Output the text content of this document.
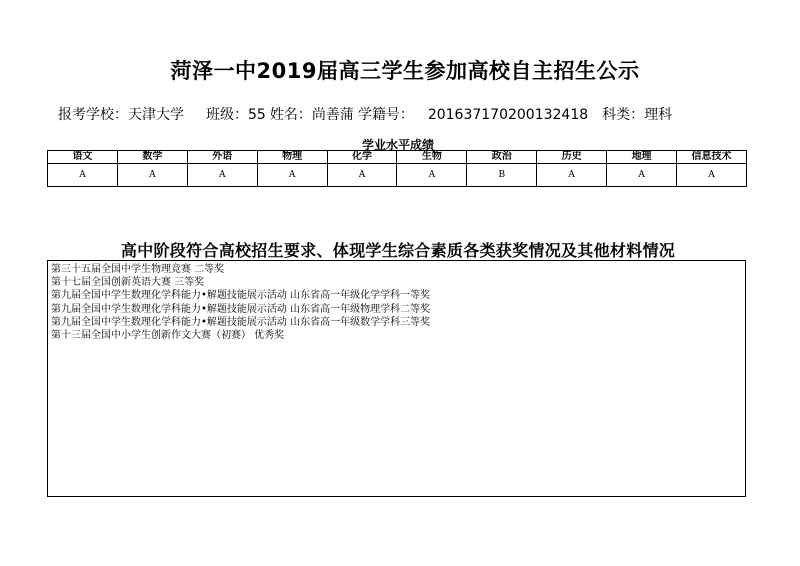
菏泽一中2019届高三学生参加高校自主招生公示
报考学校：天津大学 班级：55 姓名：尚善蒲 学籍号： 201637170200132418 科类：理科
学业水平成绩
语文	数学	外语	物理	化学	生物	政治	历史	地理	信息技术
A	A	A	A	A	A	B	A	A	A
高中阶段符合高校招生要求、体现学生综合素质各类获奖情况及其他材料情况
第三十五届全国中学生物理竞赛 二等奖
第十七届全国创新英语大赛 三等奖
第九届全国中学生数理化学科能力•解题技能展示活动 山东省高一年级化学学科一等奖
第九届全国中学生数理化学科能力•解题技能展示活动 山东省高一年级物理学科二等奖
第九届全国中学生数理化学科能力•解题技能展示活动 山东省高一年级数学学科三等奖
第十三届全国中小学生创新作文大赛（初赛） 优秀奖
